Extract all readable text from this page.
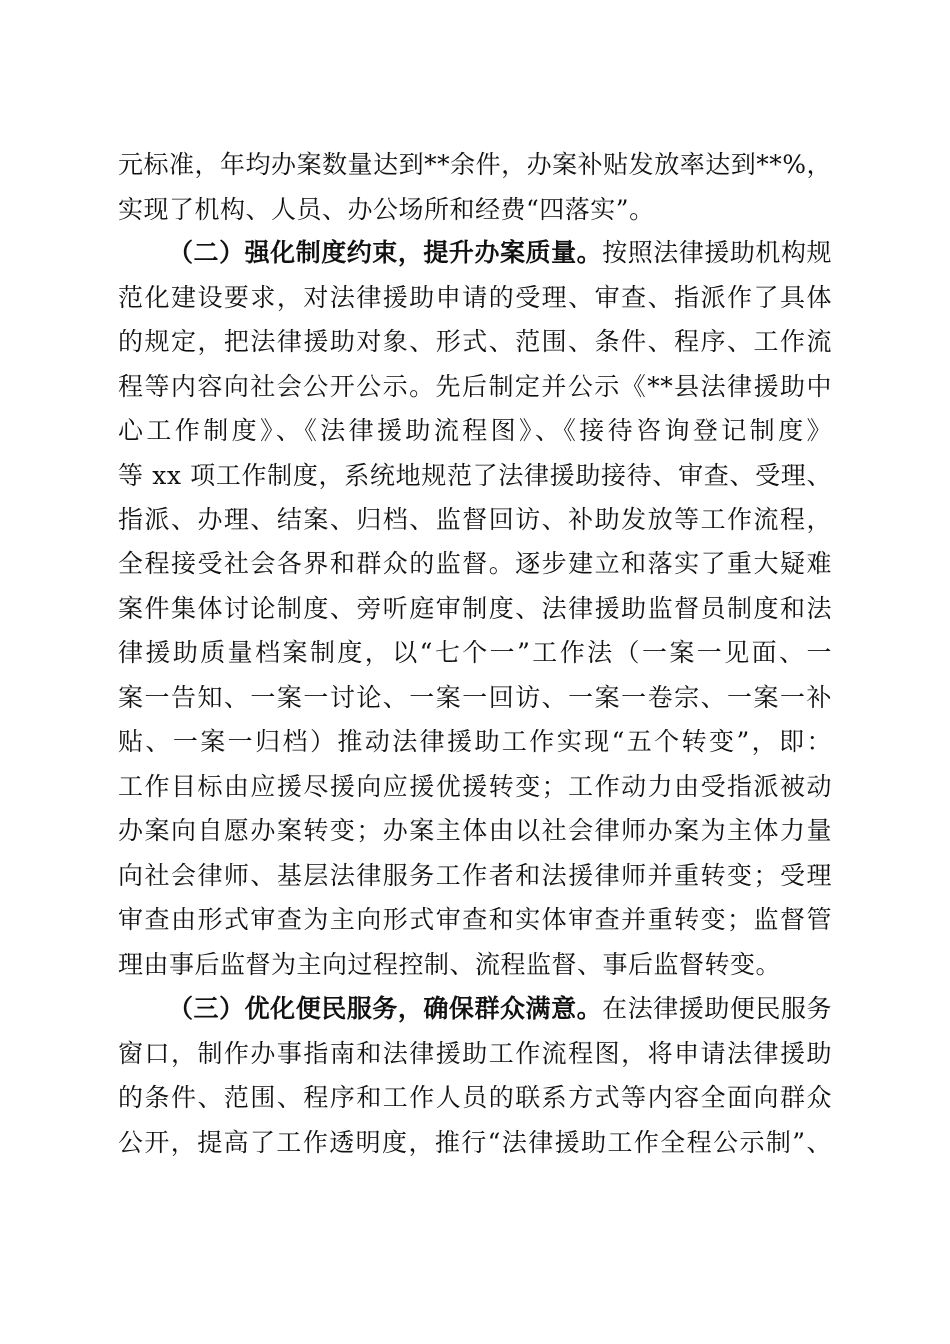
元标准，年均办案数量达到**余件，办案补贴发放率达到**%，
实现了机构、人员、办公场所和经费“四落实”。
（二）强化制度约束，提升办案质量。按照法律援助机构规
范化建设要求，对法律援助申请的受理、审查、指派作了具体
的规定，把法律援助对象、形式、范围、条件、程序、工作流
程等内容向社会公开公示。先后制定并公示《**县法律援助中
心工作制度》、《法律援助流程图》、《接待咨询登记制度》
等 xx 项工作制度，系统地规范了法律援助接待、审查、受理、
指派、办理、结案、归档、监督回访、补助发放等工作流程，
全程接受社会各界和群众的监督。逐步建立和落实了重大疑难
案件集体讨论制度、旁听庭审制度、法律援助监督员制度和法
律援助质量档案制度，以“七个一”工作法（一案一见面、一
案一告知、一案一讨论、一案一回访、一案一卷宗、一案一补
贴、一案一归档）推动法律援助工作实现“五个转变”，即：
工作目标由应援尽援向应援优援转变；工作动力由受指派被动
办案向自愿办案转变；办案主体由以社会律师办案为主体力量
向社会律师、基层法律服务工作者和法援律师并重转变；受理
审查由形式审查为主向形式审查和实体审查并重转变；监督管
理由事后监督为主向过程控制、流程监督、事后监督转变。
（三）优化便民服务，确保群众满意。在法律援助便民服务
窗口，制作办事指南和法律援助工作流程图，将申请法律援助
的条件、范围、程序和工作人员的联系方式等内容全面向群众
公开，提高了工作透明度，推行“法律援助工作全程公示制”、
